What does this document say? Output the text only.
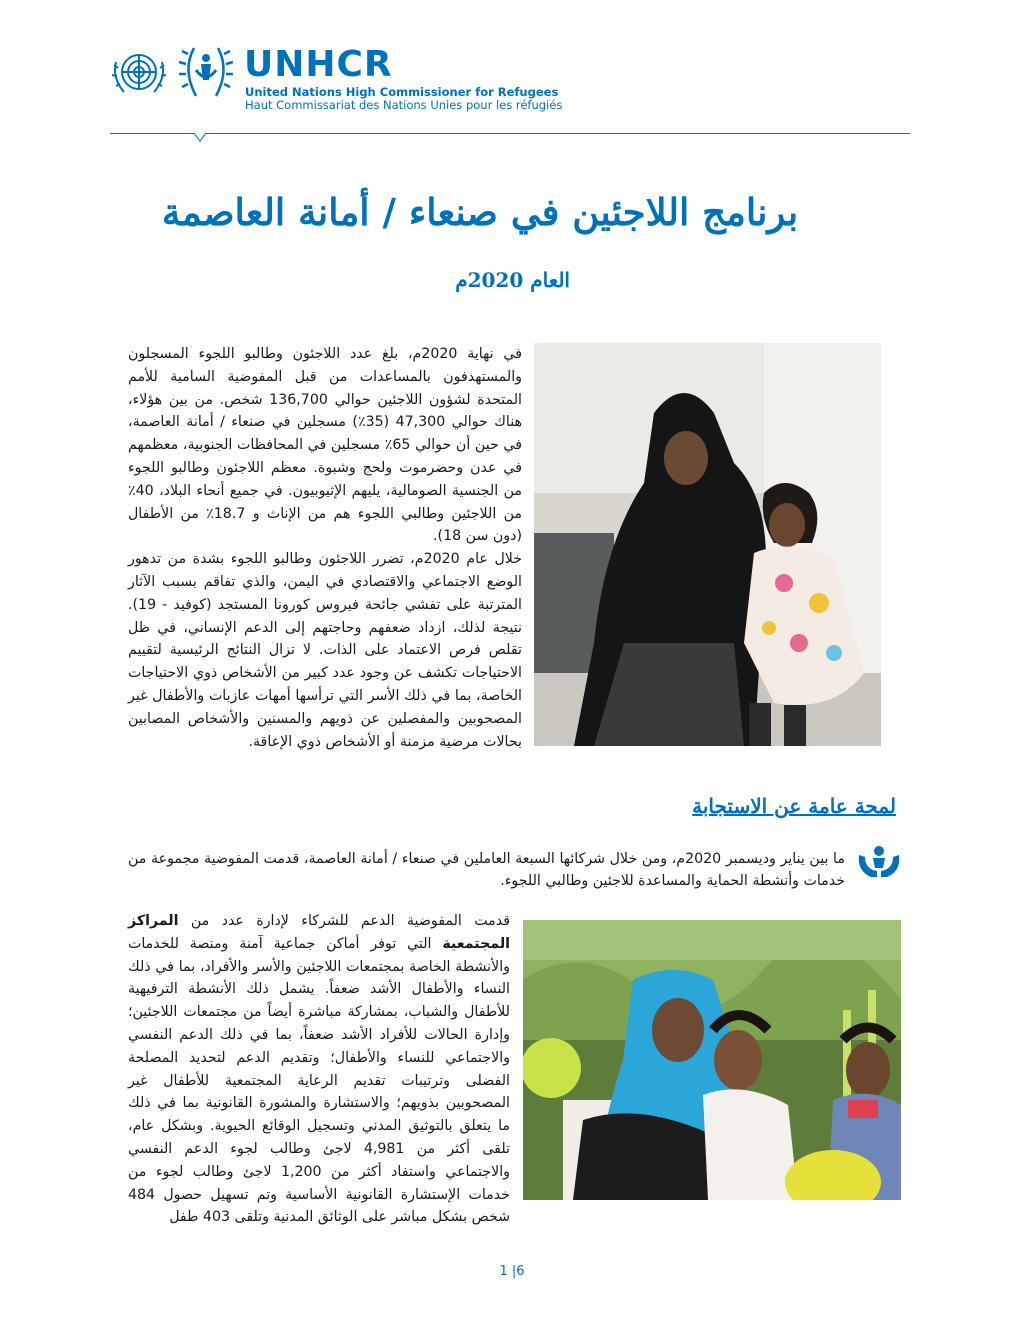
UNHCR
United Nations High Commissioner for Refugees
Haut Commissariat des Nations Unies pour les réfugiés
برنامج اللاجئين في صنعاء / أمانة العاصمة
العام 2020م

في نهاية 2020م، بلغ عدد اللاجئون وطالبو اللجوء المسجلون والمستهدفون بالمساعدات من قبل المفوضية السامية للأمم المتحدة لشؤون اللاجئين حوالي 136,700 شخص. من بين هؤلاء، هناك حوالي 47,300 (35٪) مسجلين في صنعاء / أمانة العاصمة، في حين أن حوالي 65٪ مسجلين في المحافظات الجنوبية، معظمهم في عدن وحضرموت ولحج وشبوة. معظم اللاجئون وطالبو اللجوء من الجنسية الصومالية، يليهم الإثيوبيون. في جميع أنحاء البلاد، 40٪ من اللاجئين وطالبي اللجوء هم من الإناث و 18.7٪ من الأطفال (دون سن 18).

خلال عام 2020م، تضرر اللاجئون وطالبو اللجوء بشدة من تدهور الوضع الاجتماعي والاقتصادي في اليمن، والذي تفاقم بسبب الآثار المترتبة على تفشي جائحة فيروس كورونا المستجد (كوفيد - 19). نتيجة لذلك، ازداد ضعفهم وحاجتهم إلى الدعم الإنساني، في ظل تقلص فرص الاعتماد على الذات. لا تزال النتائج الرئيسية لتقييم الاحتياجات تكشف عن وجود عدد كبير من الأشخاص ذوي الاحتياجات الخاصة، بما في ذلك الأسر التي ترأسها أمهات عازبات والأطفال غير المصحوبين والمفصلين عن ذويهم والمسنين والأشخاص المصابين بحالات مرضية مزمنة أو الأشخاص ذوي الإعاقة.

لمحة عامة عن الاستجابة

ما بين يناير وديسمبر 2020م، ومن خلال شركائها السبعة العاملين في صنعاء / أمانة العاصمة، قدمت المفوضية مجموعة من خدمات وأنشطة الحماية والمساعدة للاجئين وطالبي اللجوء.

قدمت المفوضية الدعم للشركاء لإدارة عدد من المراكز المجتمعية التي توفر أماكن جماعية آمنة ومنصة للخدمات والأنشطة الخاصة بمجتمعات اللاجئين والأسر والأفراد، بما في ذلك النساء والأطفال الأشد ضعفاً. يشمل ذلك الأنشطة الترفيهية للأطفال والشباب، بمشاركة مباشرة أيضاً من مجتمعات اللاجئين؛ وإدارة الحالات للأفراد الأشد ضعفاً، بما في ذلك الدعم النفسي والاجتماعي للنساء والأطفال؛ وتقديم الدعم لتحديد المصلحة الفضلى وترتيبات تقديم الرعاية المجتمعية للأطفال غير المصحوبين بذويهم؛ والاستشارة والمشورة القانونية بما في ذلك ما يتعلق بالتوثيق المدني وتسجيل الوقائع الحيوية. وبشكل عام، تلقى أكثر من 4,981 لاجئ وطالب لجوء الدعم النفسي والاجتماعي واستفاد أكثر من 1,200 لاجئ وطالب لجوء من خدمات الإستشارة القانونية الأساسية وتم تسهيل حصول 484 شخص بشكل مباشر على الوثائق المدنية وتلقى 403 طفل

1 |6
